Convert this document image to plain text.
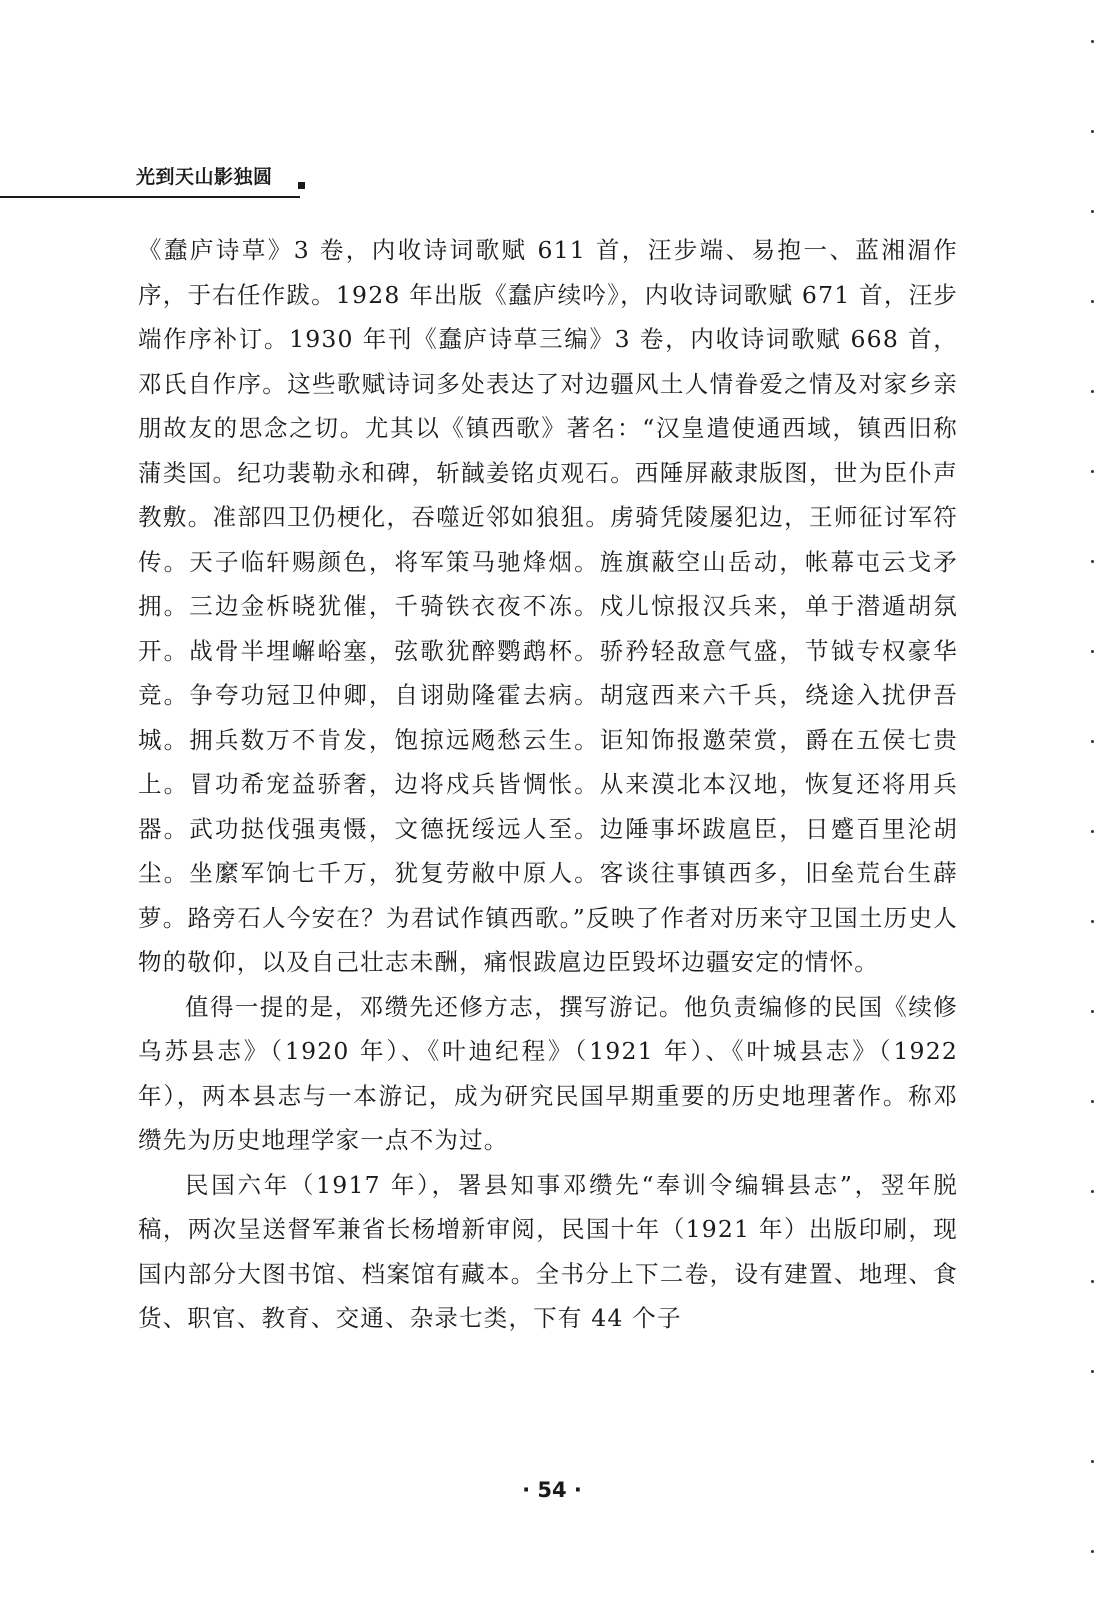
光到天山影独圆

《蠢庐诗草》3 卷，内收诗词歌赋 611 首，汪步端、易抱一、蓝湘湄作序，于右任作跋。1928 年出版《蠢庐续吟》，内收诗词歌赋 671 首，汪步端作序补订。1930 年刊《蠢庐诗草三编》3 卷，内收诗词歌赋 668 首，邓氏自作序。这些歌赋诗词多处表达了对边疆风土人情眷爱之情及对家乡亲朋故友的思念之切。尤其以《镇西歌》著名：“汉皇遣使通西域，镇西旧称蒲类国。纪功裴勒永和碑，斩馘姜铭贞观石。西陲屏蔽隶版图，世为臣仆声教敷。准部四卫仍梗化，吞噬近邻如狼狙。虏骑凭陵屡犯边，王师征讨军符传。天子临轩赐颜色，将军策马驰烽烟。旌旗蔽空山岳动，帐幕屯云戈矛拥。三边金柝晓犹催，千骑铁衣夜不冻。戍儿惊报汉兵来，单于潜遁胡氛开。战骨半埋嶰峪塞，弦歌犹醉鹦鹉杯。骄矜轻敌意气盛，节钺专权豪华竞。争夸功冠卫仲卿，自诩勋隆霍去病。胡寇西来六千兵，绕途入扰伊吾城。拥兵数万不肯发，饱掠远飏愁云生。讵知饰报邀荣赏，爵在五侯七贵上。冒功希宠益骄奢，边将戍兵皆惆怅。从来漠北本汉地，恢复还将用兵器。武功挞伐强夷慑，文德抚绥远人至。边陲事坏跋扈臣，日蹙百里沦胡尘。坐縻军饷七千万，犹复劳敝中原人。客谈往事镇西多，旧垒荒台生薜萝。路旁石人今安在？为君试作镇西歌。”反映了作者对历来守卫国土历史人物的敬仰，以及自己壮志未酬，痛恨跋扈边臣毁坏边疆安定的情怀。

值得一提的是，邓缵先还修方志，撰写游记。他负责编修的民国《续修乌苏县志》（1920 年）、《叶迪纪程》（1921 年）、《叶城县志》（1922 年），两本县志与一本游记，成为研究民国早期重要的历史地理著作。称邓缵先为历史地理学家一点不为过。

民国六年（1917 年），署县知事邓缵先“奉训令编辑县志”，翌年脱稿，两次呈送督军兼省长杨增新审阅，民国十年（1921 年）出版印刷，现国内部分大图书馆、档案馆有藏本。全书分上下二卷，设有建置、地理、食货、职官、教育、交通、杂录七类，下有 44 个子

· 54 ·
